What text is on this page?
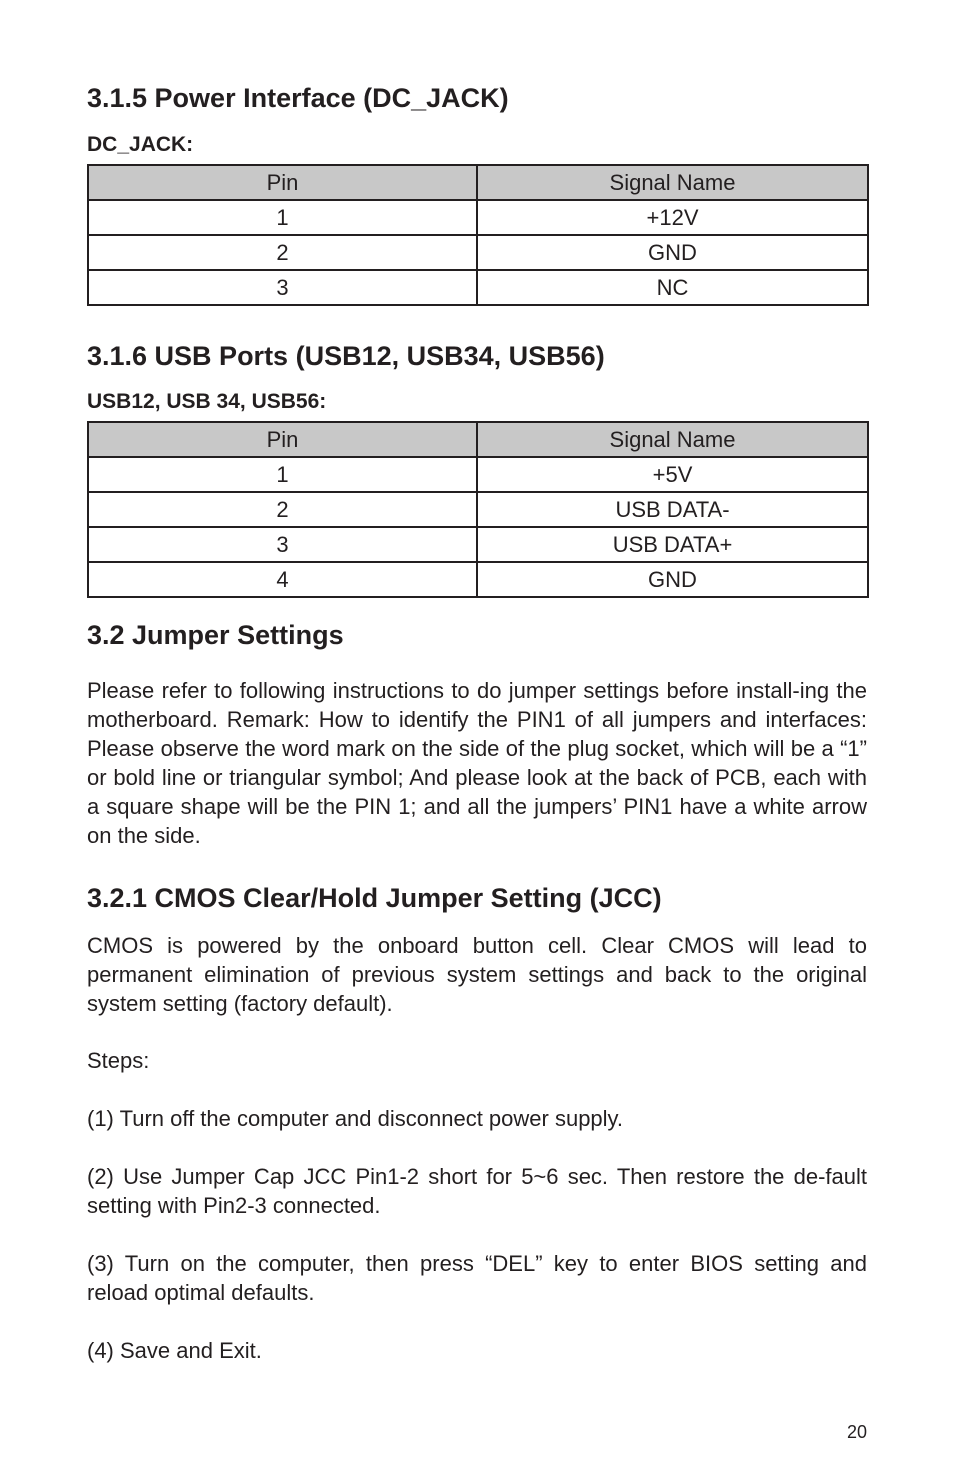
3.1.5 Power Interface (DC_JACK)
DC_JACK:
Pin	Signal Name
1	+12V
2	GND
3	NC
3.1.6 USB Ports (USB12, USB34, USB56)
USB12, USB 34, USB56:
Pin	Signal Name
1	+5V
2	USB DATA-
3	USB DATA+
4	GND
3.2 Jumper Settings

Please refer to following instructions to do jumper settings before install-ing the motherboard. Remark: How to identify the PIN1 of all jumpers and interfaces: Please observe the word mark on the side of the plug socket, which will be a “1” or bold line or triangular symbol; And please look at the back of PCB, each with a square shape will be the PIN 1; and all the jumpers’ PIN1 have a white arrow on the side.

3.2.1 CMOS Clear/Hold Jumper Setting (JCC)

CMOS is powered by the onboard button cell. Clear CMOS will lead to permanent elimination of previous system settings and back to the original system setting (factory default).

Steps:

(1) Turn off the computer and disconnect power supply.

(2) Use Jumper Cap JCC Pin1-2 short for 5~6 sec. Then restore the de-fault setting with Pin2-3 connected.

(3) Turn on the computer, then press “DEL” key to enter BIOS setting and reload optimal defaults.

(4) Save and Exit.

20
